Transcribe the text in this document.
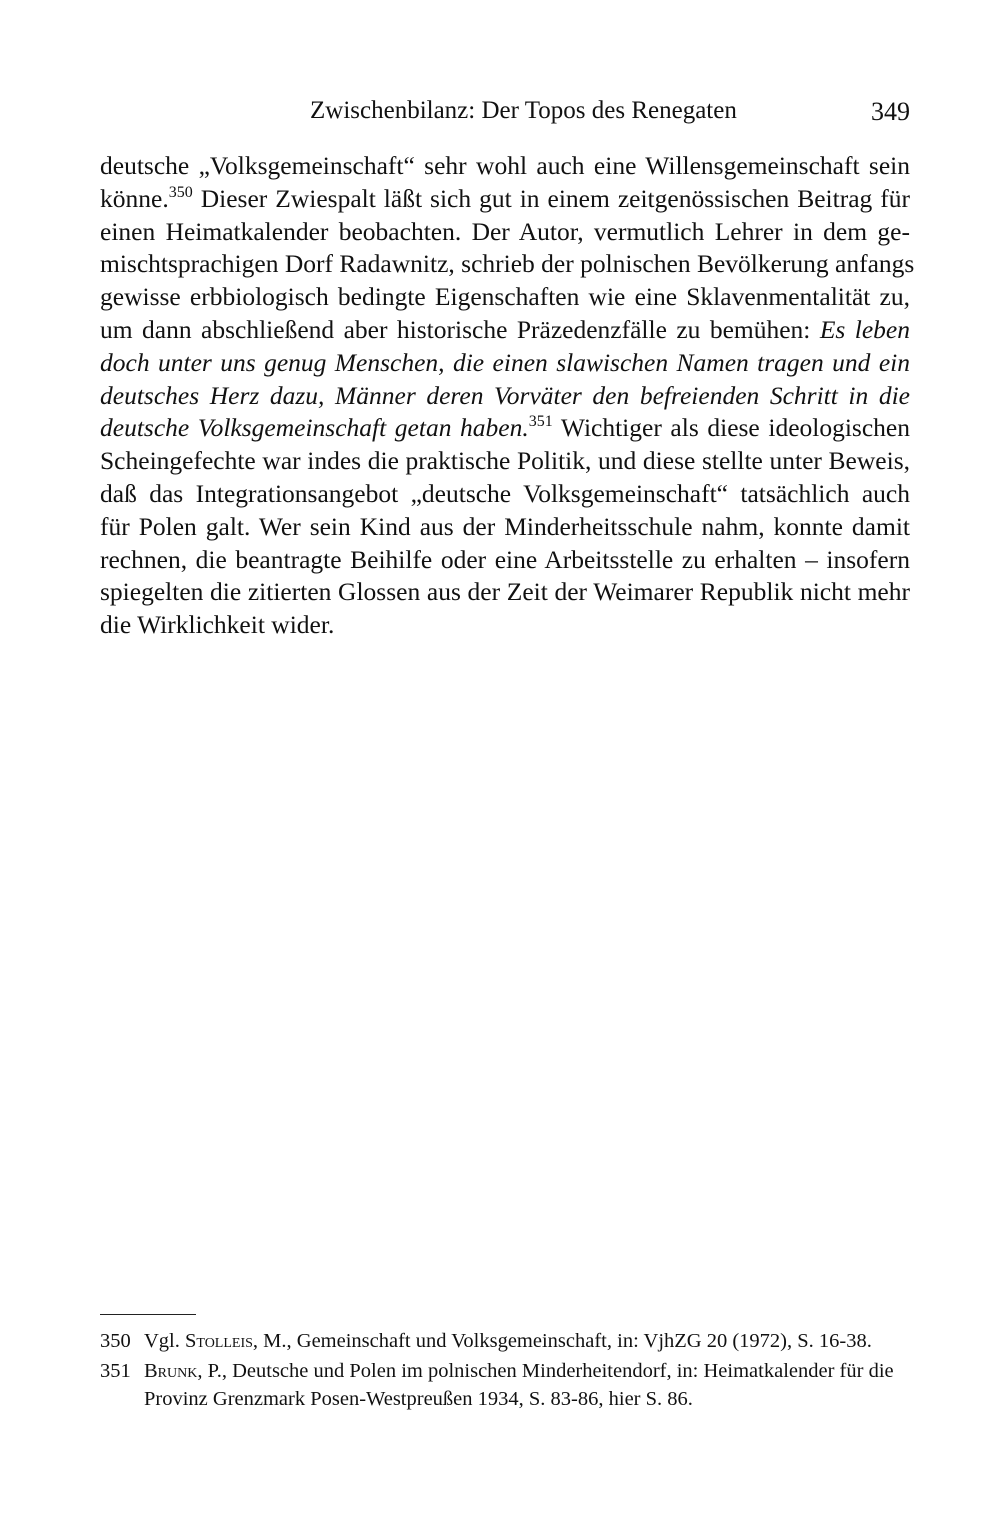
Zwischenbilanz: Der Topos des Renegaten	349
deutsche „Volksgemeinschaft“ sehr wohl auch eine Willensgemeinschaft sein
könne.$^{350}$ Dieser Zwiespalt läßt sich gut in einem zeitgenössischen Beitrag für
einen Heimatkalender beobachten. Der Autor, vermutlich Lehrer in dem ge-
mischtsprachigen Dorf Radawnitz, schrieb der polnischen Bevölkerung anfangs
gewisse erbbiologisch bedingte Eigenschaften wie eine Sklavenmentalität zu,
um dann abschließend aber historische Präzedenzfälle zu bemühen: Es leben
doch unter uns genug Menschen, die einen slawischen Namen tragen und ein
deutsches Herz dazu, Männer deren Vorväter den befreienden Schritt in die
deutsche Volksgemeinschaft getan haben.$^{351}$ Wichtiger als diese ideologischen
Scheingefechte war indes die praktische Politik, und diese stellte unter Beweis,
daß das Integrationsangebot „deutsche Volksgemeinschaft“ tatsächlich auch
für Polen galt. Wer sein Kind aus der Minderheitsschule nahm, konnte damit
rechnen, die beantragte Beihilfe oder eine Arbeitsstelle zu erhalten – insofern
spiegelten die zitierten Glossen aus der Zeit der Weimarer Republik nicht mehr
die Wirklichkeit wider.
350 Vgl. Stolleis, M., Gemeinschaft und Volksgemeinschaft, in: VjhZG 20 (1972), S. 16-38.
351 Brunk, P., Deutsche und Polen im polnischen Minderheitendorf, in: Heimatkalender für die Provinz Grenzmark Posen-Westpreußen 1934, S. 83-86, hier S. 86.
